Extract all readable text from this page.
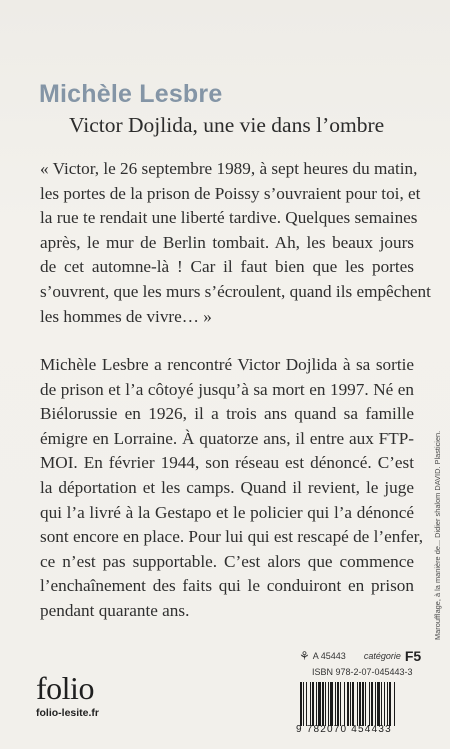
Michèle Lesbre
Victor Dojlida, une vie dans l’ombre
« Victor, le 26 septembre 1989, à sept heures du matin,
les portes de la prison de Poissy s’ouvraient pour toi, et
la rue te rendait une liberté tardive. Quelques semaines
après, le mur de Berlin tombait. Ah, les beaux jours
de cet automne-là ! Car il faut bien que les portes
s’ouvrent, que les murs s’écroulent, quand ils empêchent
les hommes de vivre… »
Michèle Lesbre a rencontré Victor Dojlida à sa sortie
de prison et l’a côtoyé jusqu’à sa mort en 1997. Né en
Biélorussie en 1926, il a trois ans quand sa famille
émigre en Lorraine. À quatorze ans, il entre aux FTP-
MOI. En février 1944, son réseau est dénoncé. C’est
la déportation et les camps. Quand il revient, le juge
qui l’a livré à la Gestapo et le policier qui l’a dénoncé
sont encore en place. Pour lui qui est rescapé de l’enfer,
ce n’est pas supportable. C’est alors que commence
l’enchaînement des faits qui le conduiront en prison
pendant quarante ans.	Maroufflage, à la manière de... Didier shalom DAVID. Plasticien.
folio
folio-lesite.fr
⚘ A 45443 catégorie F5
ISBN 978-2-07-045443-3
9 782070 454433
